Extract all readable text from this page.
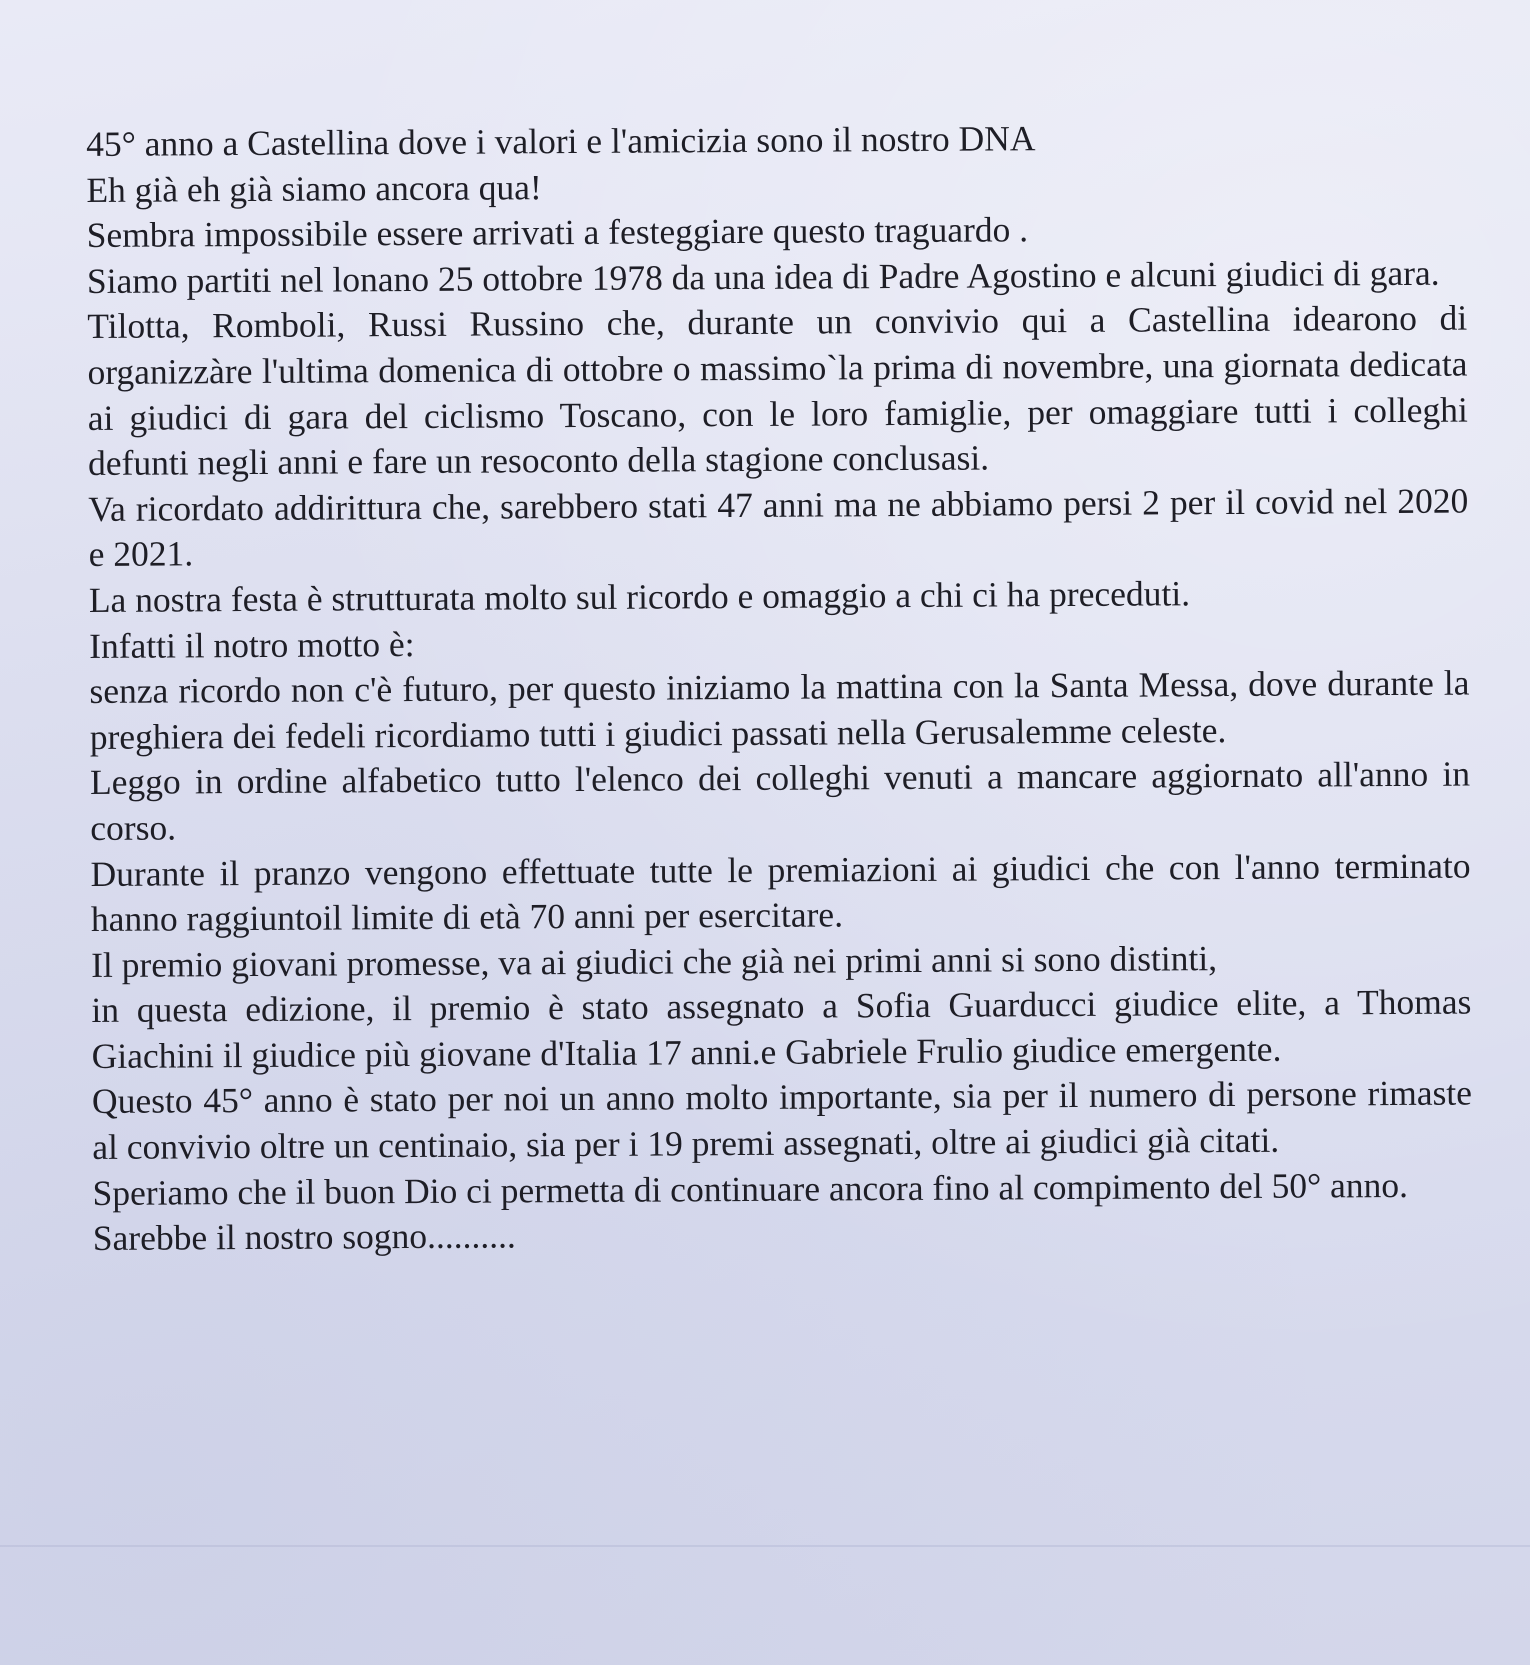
45° anno a Castellina dove i valori e l'amicizia sono il nostro DNA

Eh già eh già siamo ancora qua!

Sembra impossibile essere arrivati a festeggiare questo traguardo .

Siamo partiti nel lonano 25 ottobre 1978 da una idea di Padre Agostino e alcuni giudici di gara.

Tilotta, Romboli, Russi Russino che, durante un convivio qui a Castellina idearono di organizzàre l'ultima domenica di ottobre o massimo`la prima di novembre, una giornata dedicata ai giudici di gara del ciclismo Toscano, con le loro famiglie, per omaggiare tutti i colleghi defunti negli anni e fare un resoconto della stagione conclusasi.

Va ricordato addirittura che, sarebbero stati 47 anni ma ne abbiamo persi 2 per il covid nel 2020 e 2021.

La nostra festa è strutturata molto sul ricordo e omaggio a chi ci ha preceduti.

Infatti il notro motto è:

senza ricordo non c'è futuro, per questo iniziamo la mattina con la Santa Messa, dove durante la preghiera dei fedeli ricordiamo tutti i giudici passati nella Gerusalemme celeste.

Leggo in ordine alfabetico tutto l'elenco dei colleghi venuti a mancare aggiornato all'anno in corso.

Durante il pranzo vengono effettuate tutte le premiazioni ai giudici che con l'anno terminato hanno raggiuntoil limite di età 70 anni per esercitare.

Il premio giovani promesse, va ai giudici che già nei primi anni si sono distinti,

in questa edizione, il premio è stato assegnato a Sofia Guarducci giudice elite, a Thomas Giachini il giudice più giovane d'Italia 17 anni.e Gabriele Frulio giudice emergente.

Questo 45° anno è stato per noi un anno molto importante, sia per il numero di persone rimaste al convivio oltre un centinaio, sia per i 19 premi assegnati, oltre ai giudici già citati.

Speriamo che il buon Dio ci permetta di continuare ancora fino al compimento del 50° anno.

Sarebbe il nostro sogno..........
